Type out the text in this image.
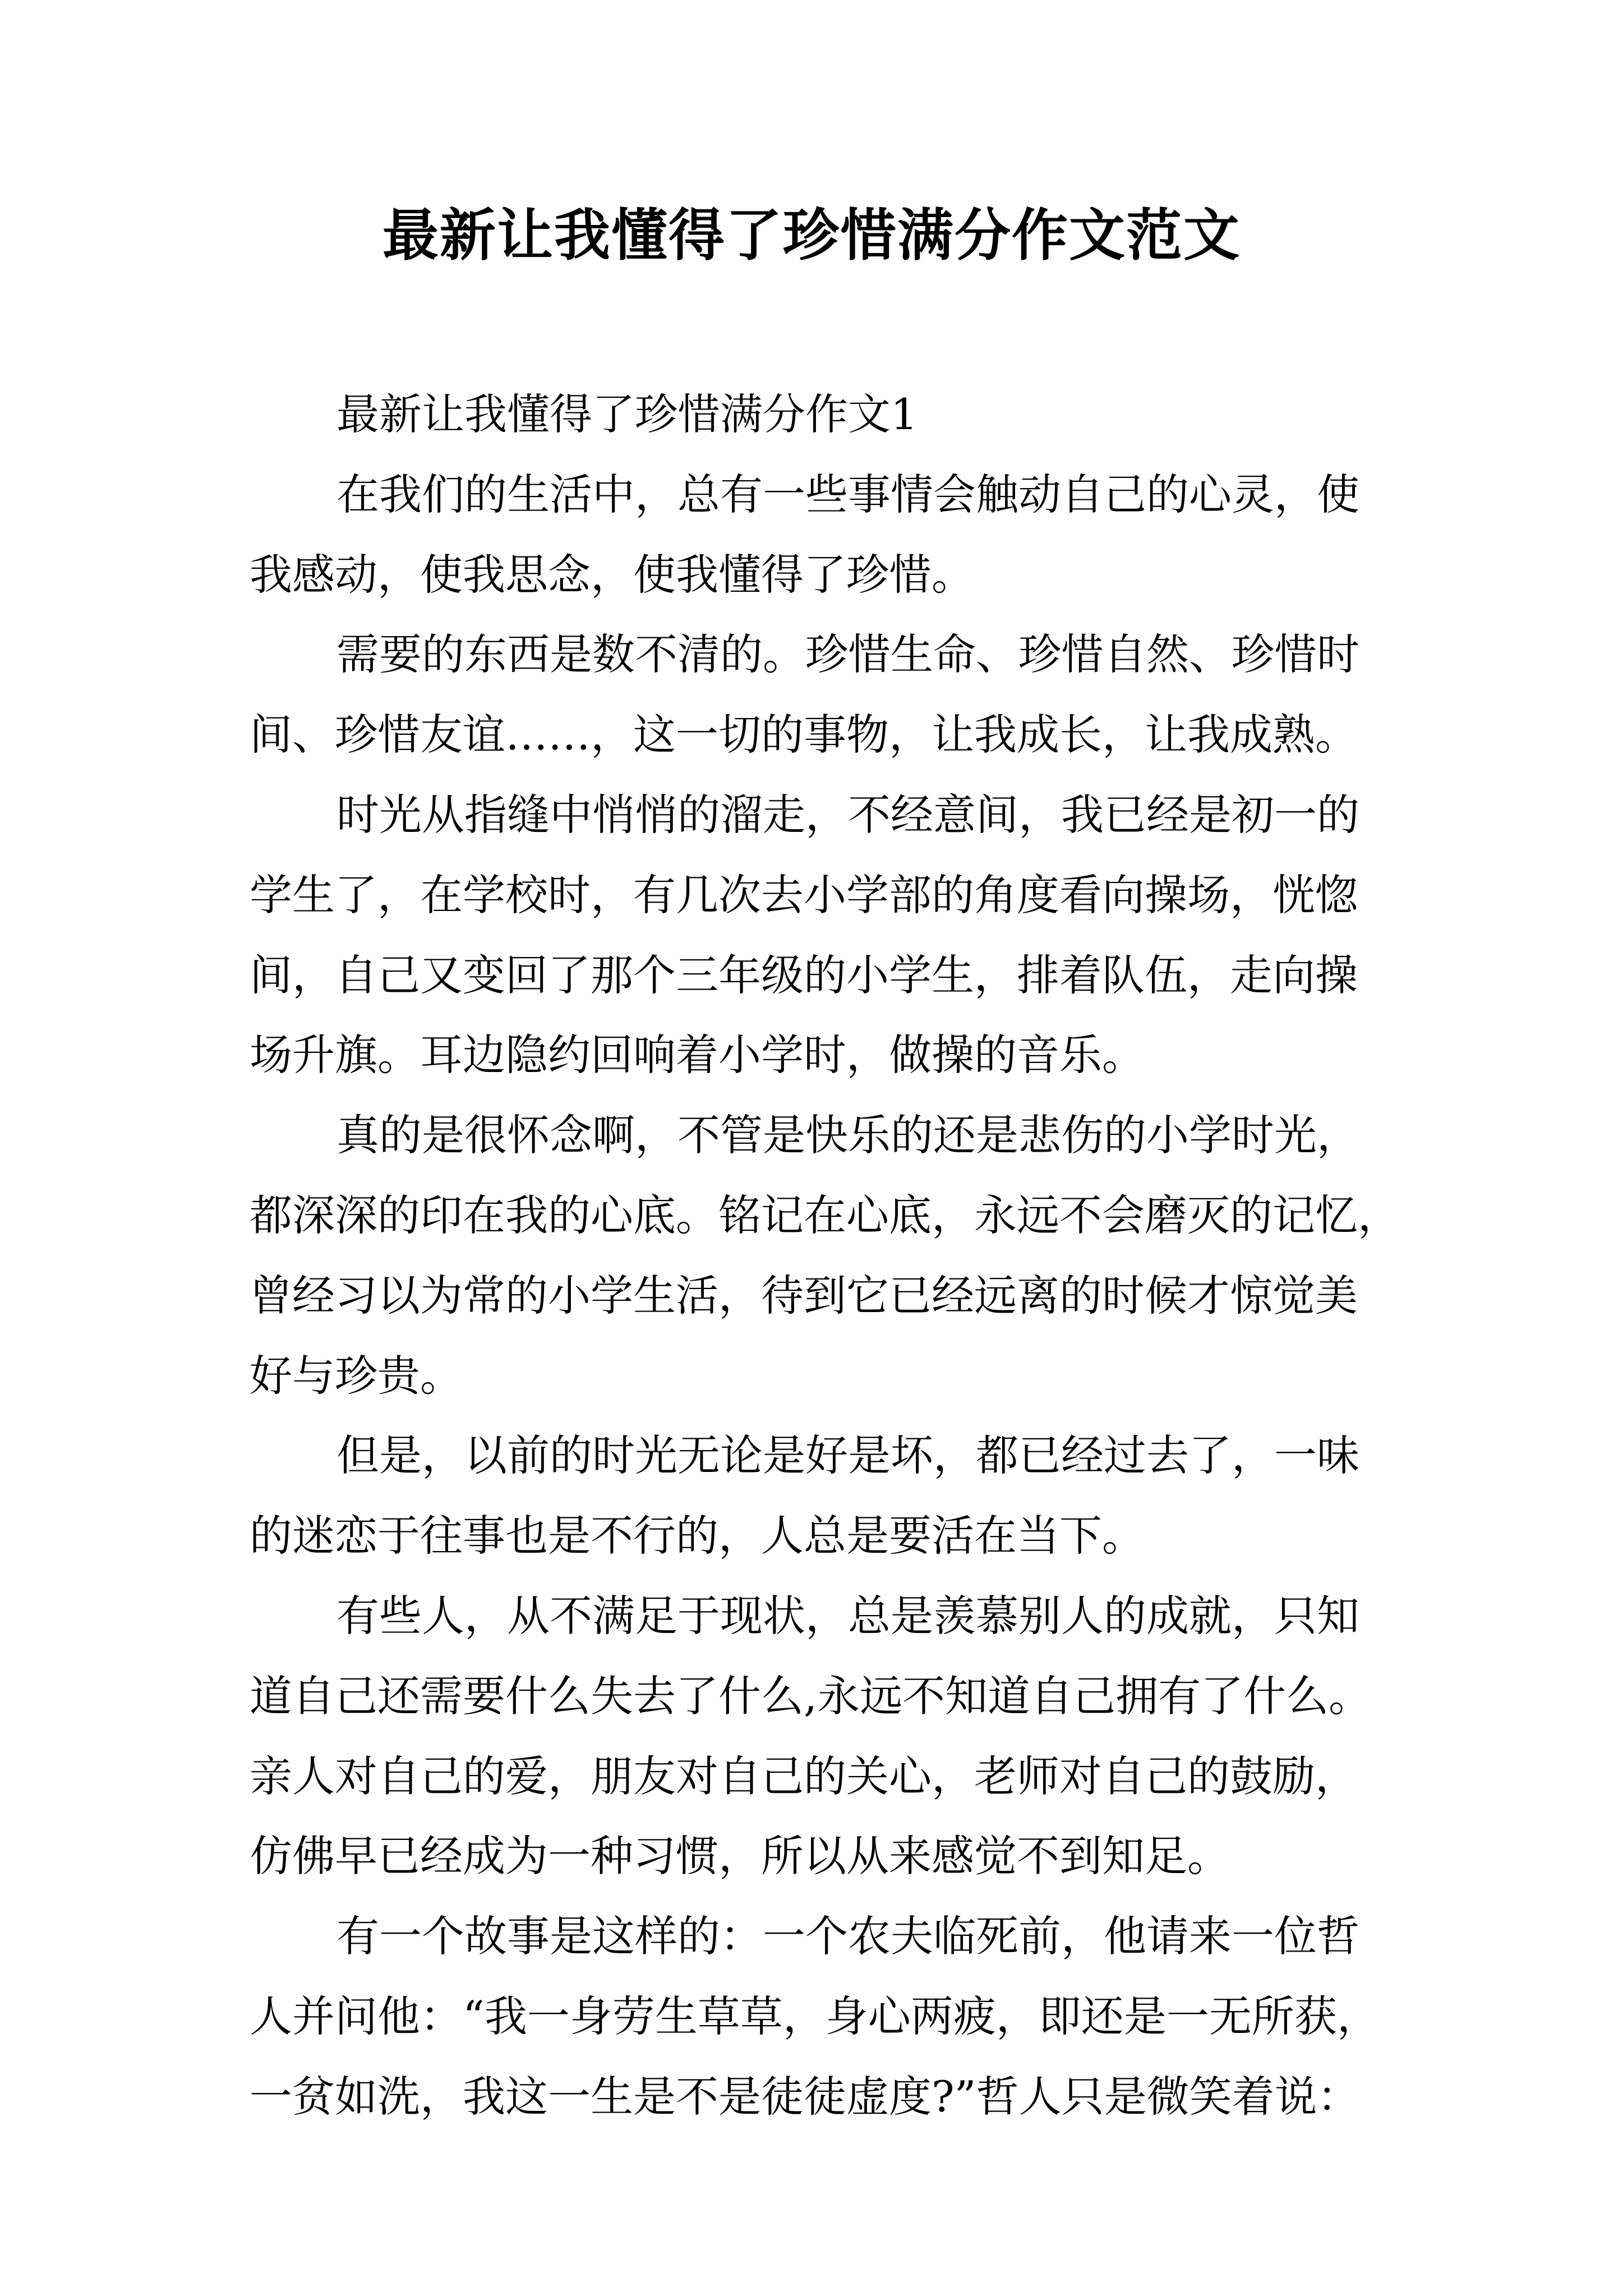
最新让我懂得了珍惜满分作文范文
最新让我懂得了珍惜满分作文1
在我们的生活中，总有一些事情会触动自己的心灵，使
我感动，使我思念，使我懂得了珍惜。
需要的东西是数不清的。珍惜生命、珍惜自然、珍惜时
间、珍惜友谊……，这一切的事物，让我成长，让我成熟。
时光从指缝中悄悄的溜走，不经意间，我已经是初一的
学生了，在学校时，有几次去小学部的角度看向操场，恍惚
间，自己又变回了那个三年级的小学生，排着队伍，走向操
场升旗。耳边隐约回响着小学时，做操的音乐。
真的是很怀念啊，不管是快乐的还是悲伤的小学时光，
都深深的印在我的心底。铭记在心底，永远不会磨灭的记忆，
曾经习以为常的小学生活，待到它已经远离的时候才惊觉美
好与珍贵。
但是，以前的时光无论是好是坏，都已经过去了，一味
的迷恋于往事也是不行的，人总是要活在当下。
有些人，从不满足于现状，总是羡慕别人的成就，只知
道自己还需要什么失去了什么,永远不知道自己拥有了什么。
亲人对自己的爱，朋友对自己的关心，老师对自己的鼓励，
仿佛早已经成为一种习惯，所以从来感觉不到知足。
有一个故事是这样的：一个农夫临死前，他请来一位哲
人并问他：“我一身劳生草草，身心两疲，即还是一无所获，
一贫如洗，我这一生是不是徒徒虚度?”哲人只是微笑着说：
